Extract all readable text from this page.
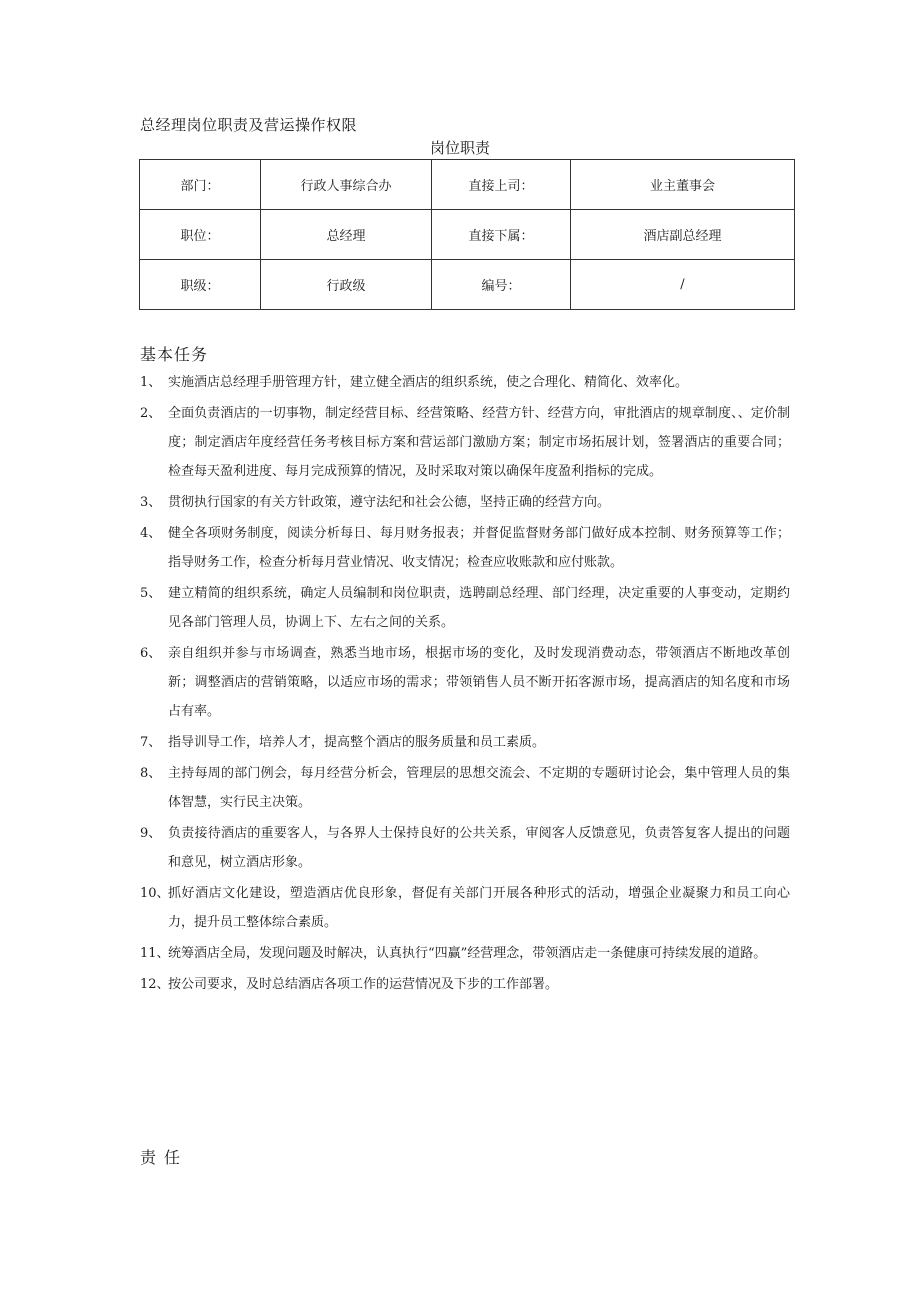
总经理岗位职责及营运操作权限
岗位职责
部门：	行政人事综合办	直接上司：	业主董事会
职位：	总经理	直接下属：	酒店副总经理
职级：	行政级	编号：	/
基本任务
1、 实施酒店总经理手册管理方针，建立健全酒店的组织系统，使之合理化、精简化、效率化。
2、 全面负责酒店的一切事物，制定经营目标、经营策略、经营方针、经营方向，审批酒店的规章制度、、定价制度；制定酒店年度经营任务考核目标方案和营运部门激励方案；制定市场拓展计划，签署酒店的重要合同；检查每天盈利进度、每月完成预算的情况，及时采取对策以确保年度盈利指标的完成。
3、 贯彻执行国家的有关方针政策，遵守法纪和社会公德，坚持正确的经营方向。
4、 健全各项财务制度，阅读分析每日、每月财务报表；并督促监督财务部门做好成本控制、财务预算等工作；指导财务工作，检查分析每月营业情况、收支情况；检查应收账款和应付账款。
5、 建立精简的组织系统，确定人员编制和岗位职责，选聘副总经理、部门经理，决定重要的人事变动，定期约见各部门管理人员，协调上下、左右之间的关系。
6、 亲自组织并参与市场调查，熟悉当地市场，根据市场的变化，及时发现消费动态，带领酒店不断地改革创新；调整酒店的营销策略，以适应市场的需求；带领销售人员不断开拓客源市场，提高酒店的知名度和市场占有率。
7、 指导训导工作，培养人才，提高整个酒店的服务质量和员工素质。
8、 主持每周的部门例会，每月经营分析会，管理层的思想交流会、不定期的专题研讨论会，集中管理人员的集体智慧，实行民主决策。
9、 负责接待酒店的重要客人，与各界人士保持良好的公共关系，审阅客人反馈意见，负责答复客人提出的问题和意见，树立酒店形象。
10、
抓好酒店文化建设，塑造酒店优良形象，督促有关部门开展各种形式的活动，增强企业凝聚力和员工向心力，提升员工整体综合素质。
11、
统筹酒店全局，发现问题及时解决，认真执行“四赢”经营理念，带领酒店走一条健康可持续发展的道路。
12、
按公司要求，及时总结酒店各项工作的运营情况及下步的工作部署。
责任
